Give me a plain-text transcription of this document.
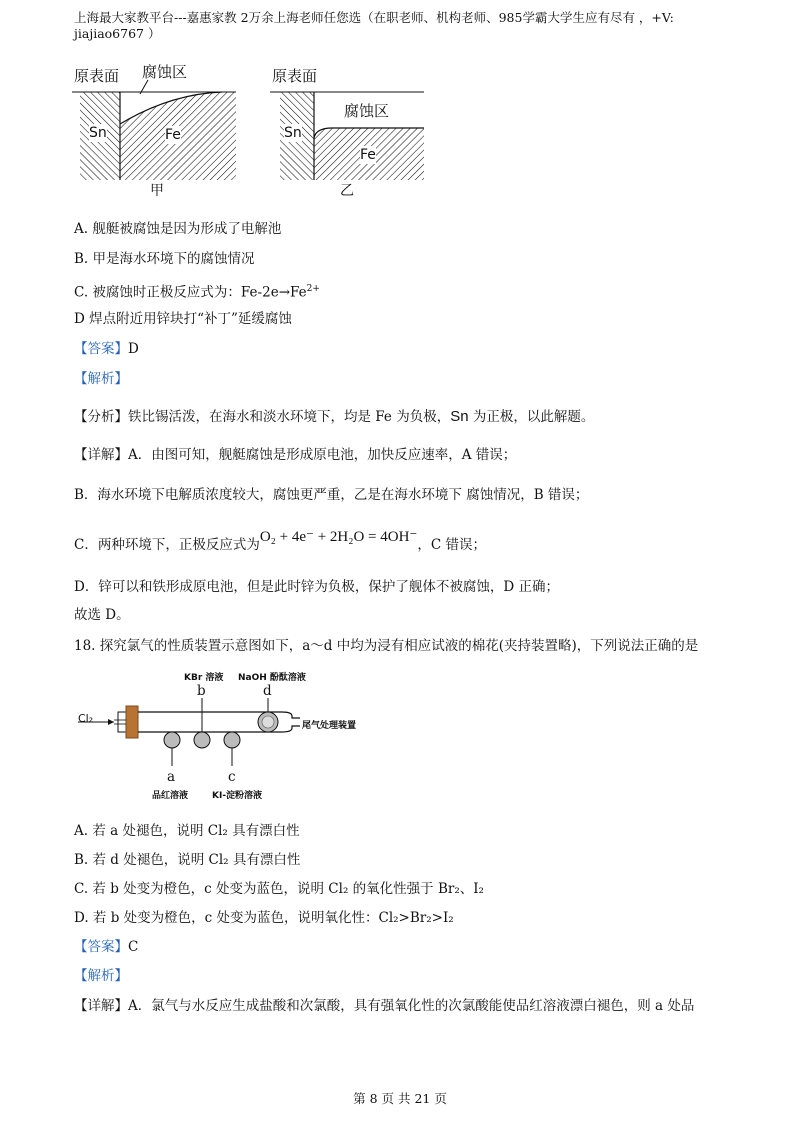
上海最大家教平台---嘉惠家教 2万余上海老师任您选（在职老师、机构老师、985学霸大学生应有尽有 ，+V:
jiajiao6767 ）
原表面 腐蚀区
Sn	Fe
甲
原表面
腐蚀区
Sn
Fe
乙
A. 舰艇被腐蚀是因为形成了电解池
B. 甲是海水环境下的腐蚀情况
C. 被腐蚀时正极反应式为：$Fe-2e\to Fe^{2+}$
D 焊点附近用锌块打“补丁”延缓腐蚀
【答案】D
【解析】
【分析】铁比锡活泼，在海水和淡水环境下，均是 Fe 为负极，Sn 为正极，以此解题。
【详解】A．由图可知，舰艇腐蚀是形成原电池，加快反应速率，A 错误；
B．海水环境下电解质浓度较大，腐蚀更严重，乙是在海水环境下 腐蚀情况，B 错误；
C．两种环境下，正极反应式为O₂ + 4e⁻ + 2H₂O = 4OH⁻，C 错误；
D．锌可以和铁形成原电池，但是此时锌为负极，保护了舰体不被腐蚀，D 正确；
故选 D。
18. 探究氯气的性质装置示意图如下，a～d 中均为浸有相应试液的棉花(夹持装置略)，下列说法正确的是
Cl₂
KBr 溶液 NaOH 酚酞溶液
b	d
尾气处理装置
a	c
品红溶液	KI-淀粉溶液
A. 若 a 处褪色，说明 Cl₂ 具有漂白性
B. 若 d 处褪色，说明 Cl₂ 具有漂白性
C. 若 b 处变为橙色，c 处变为蓝色，说明 Cl₂ 的氧化性强于 Br₂、I₂
D. 若 b 处变为橙色，c 处变为蓝色，说明氧化性：Cl₂>Br₂>I₂
【答案】C
【解析】
【详解】A．氯气与水反应生成盐酸和次氯酸，具有强氧化性的次氯酸能使品红溶液漂白褪色，则 a 处品
第 8 页 共 21 页
